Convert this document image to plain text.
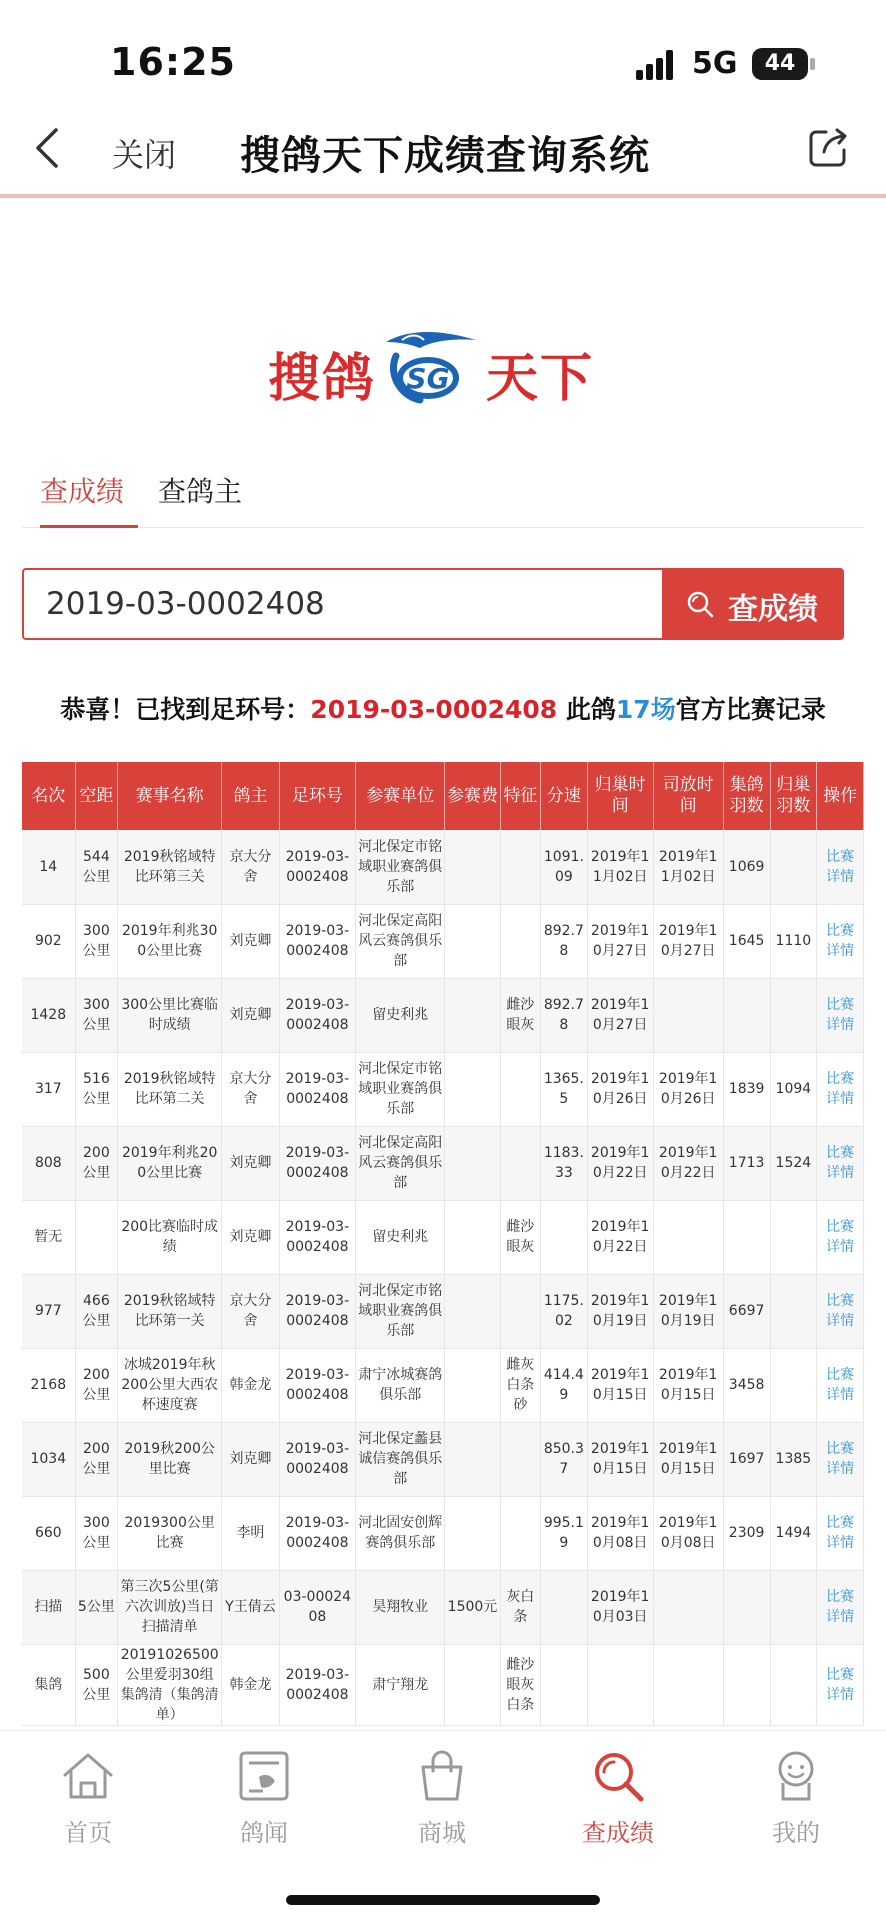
16:25	5G	44
关闭 搜鸽天下成绩查询系统
搜鸽 SG 天下
查成绩	查鸽主
2019-03-0002408
查成绩
恭喜！已找到足环号：2019-03-0002408 此鸽17场官方比赛记录
名次	空距	赛事名称	鸽主	足环号	参赛单位	参赛费	特征	分速	归巢时间	司放时间	集鸽羽数	归巢羽数	操作
14	544公里	2019秋铭域特比环第三关	京大分舍	2019-03-0002408	河北保定市铭域职业赛鸽俱乐部			1091.09	2019年11月02日	2019年11月02日	1069		比赛详情
902	300公里	2019年利兆300公里比赛	刘克卿	2019-03-0002408	河北保定高阳风云赛鸽俱乐部			892.78	2019年10月27日	2019年10月27日	1645	1110	比赛详情
1428	300公里	300公里比赛临时成绩	刘克卿	2019-03-0002408	留史利兆		雌沙眼灰	892.78	2019年10月27日				比赛详情
317	516公里	2019秋铭域特比环第二关	京大分舍	2019-03-0002408	河北保定市铭域职业赛鸽俱乐部			1365.5	2019年10月26日	2019年10月26日	1839	1094	比赛详情
808	200公里	2019年利兆200公里比赛	刘克卿	2019-03-0002408	河北保定高阳风云赛鸽俱乐部			1183.33	2019年10月22日	2019年10月22日	1713	1524	比赛详情
暂无		200比赛临时成绩	刘克卿	2019-03-0002408	留史利兆		雌沙眼灰		2019年10月22日				比赛详情
977	466公里	2019秋铭域特比环第一关	京大分舍	2019-03-0002408	河北保定市铭域职业赛鸽俱乐部			1175.02	2019年10月19日	2019年10月19日	6697		比赛详情
2168	200公里	冰城2019年秋200公里大西农杯速度赛	韩金龙	2019-03-0002408	肃宁冰城赛鸽俱乐部		雌灰白条砂	414.49	2019年10月15日	2019年10月15日	3458		比赛详情
1034	200公里	2019秋200公里比赛	刘克卿	2019-03-0002408	河北保定蠡县诚信赛鸽俱乐部			850.37	2019年10月15日	2019年10月15日	1697	1385	比赛详情
660	300公里	2019300公里比赛	李明	2019-03-0002408	河北固安创辉赛鸽俱乐部			995.19	2019年10月08日	2019年10月08日	2309	1494	比赛详情
扫描	5公里	第三次5公里(第六次训放)当日扫描清单	Y王倩云	03-0002408	昊翔牧业	1500元	灰白条		2019年10月03日				比赛详情
集鸽	500公里	20191026500公里爱羽30组集鸽清（集鸽清单）	韩金龙	2019-03-0002408	肃宁翔龙		雌沙眼灰白条						比赛详情
首页	鸽闻	商城	查成绩	我的
